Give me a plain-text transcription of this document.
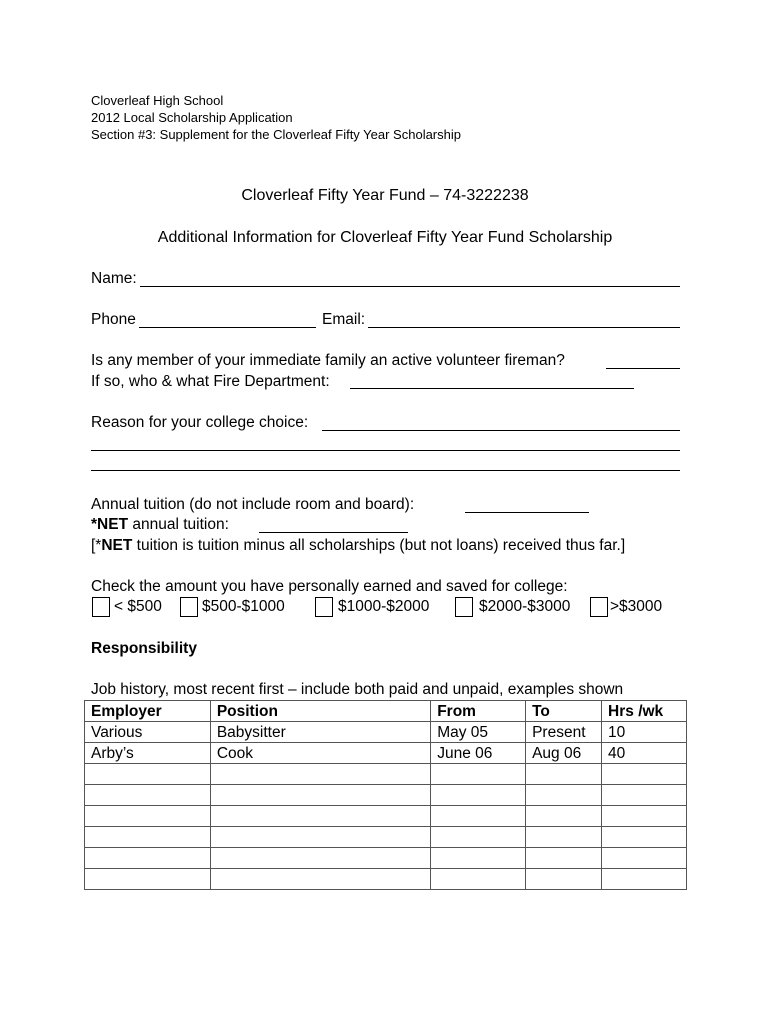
Cloverleaf High School
2012 Local Scholarship Application
Section #3: Supplement for the Cloverleaf Fifty Year Scholarship
Cloverleaf Fifty Year Fund – 74-3222238
Additional Information for Cloverleaf Fifty Year Fund Scholarship
Name:
Phone	Email:
Is any member of your immediate family an active volunteer fireman?
If so, who & what Fire Department:
Reason for your college choice:
Annual tuition (do not include room and board):
*NET annual tuition:
[*NET tuition is tuition minus all scholarships (but not loans) received thus far.]
Check the amount you have personally earned and saved for college:
< $500	$500-$1000	$1000-$2000	$2000-$3000	>$3000
Responsibility
Job history, most recent first – include both paid and unpaid, examples shown
Employer	Position	From	To	Hrs /wk
Various	Babysitter	May 05	Present	10
Arby’s	Cook	June 06	Aug 06	40
